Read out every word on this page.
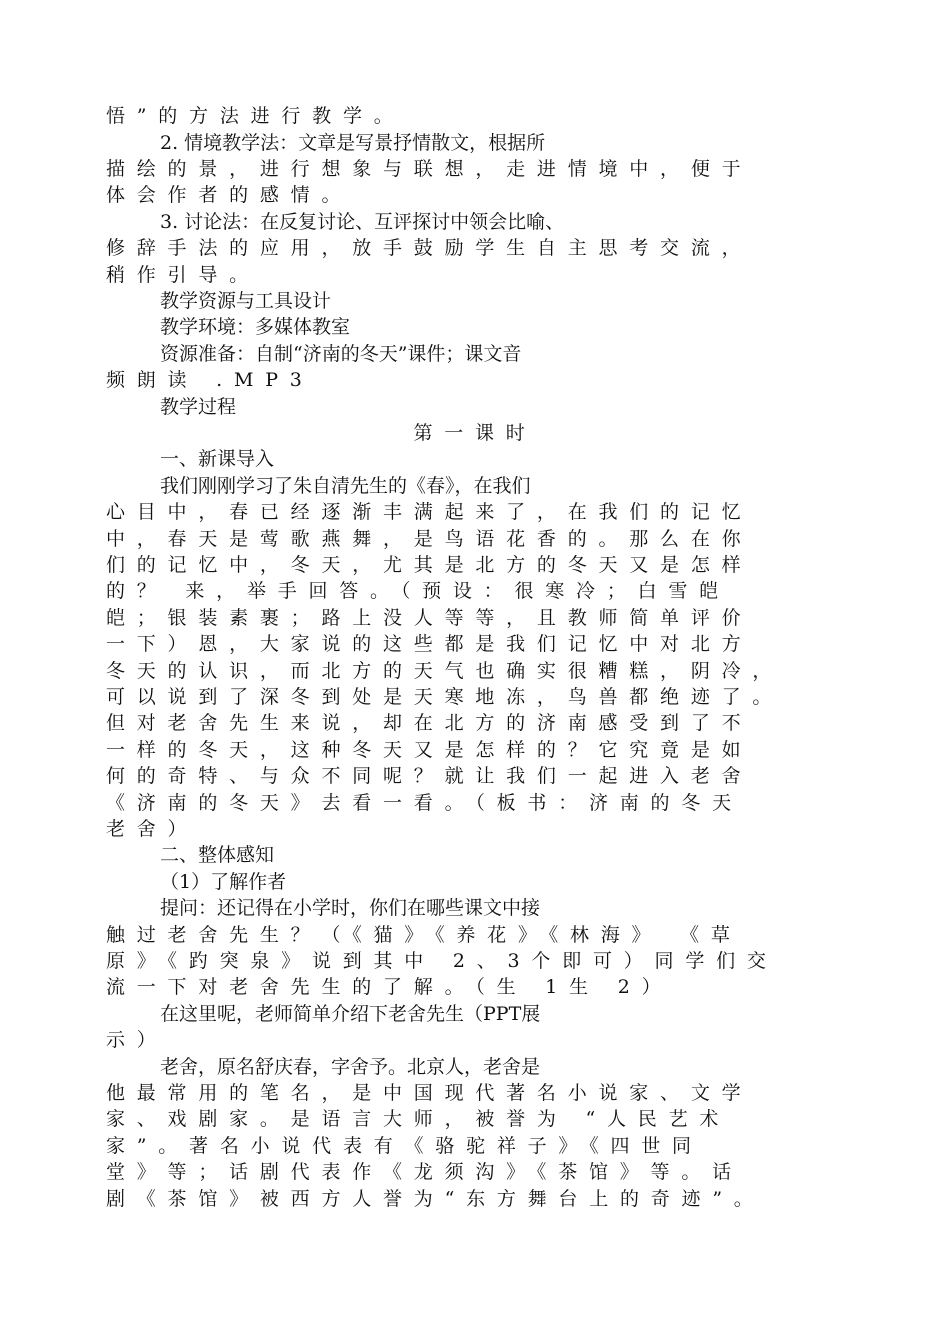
悟”的方法进行教学。

2. 情境教学法：文章是写景抒情散文，根据所

描绘的景，进行想象与联想，走进情境中，便于

体会作者的感情。

3. 讨论法：在反复讨论、互评探讨中领会比喻、

修辞手法的应用，放手鼓励学生自主思考交流，

稍作引导。

教学资源与工具设计

教学环境：多媒体教室

资源准备：自制“济南的冬天”课件；课文音

频朗读 .MP3

教学过程

第一课时

一、新课导入

我们刚刚学习了朱自清先生的《春》，在我们

心目中，春已经逐渐丰满起来了，在我们的记忆

中，春天是莺歌燕舞，是鸟语花香的。那么在你

们的记忆中，冬天，尤其是北方的冬天又是怎样

的？ 来，举手回答。（预设：很寒冷；白雪皑

皑；银装素裹；路上没人等等，且教师简单评价

一下）恩，大家说的这些都是我们记忆中对北方

冬天的认识，而北方的天气也确实很糟糕，阴冷，

可以说到了深冬到处是天寒地冻，鸟兽都绝迹了。

但对老舍先生来说，却在北方的济南感受到了不

一样的冬天，这种冬天又是怎样的？它究竟是如

何的奇特、与众不同呢？就让我们一起进入老舍

《济南的冬天》去看一看。（板书：济南的冬天

老舍）

二、整体感知

（1）了解作者

提问：还记得在小学时，你们在哪些课文中接

触过老舍先生？（《猫》《养花》《林海》 《草

原》《趵突泉》说到其中 2、3个即可）同学们交

流一下对老舍先生的了解。（生 1生 2）

在这里呢，老师简单介绍下老舍先生（PPT展

示）

老舍，原名舒庆春，字舍予。北京人，老舍是

他最常用的笔名，是中国现代著名小说家、文学

家、戏剧家。是语言大师，被誉为 “人民艺术

家”。著名小说代表有《骆驼祥子》《四世同

堂》等；话剧代表作《龙须沟》《茶馆》等。话

剧《茶馆》被西方人誉为“东方舞台上的奇迹”。
